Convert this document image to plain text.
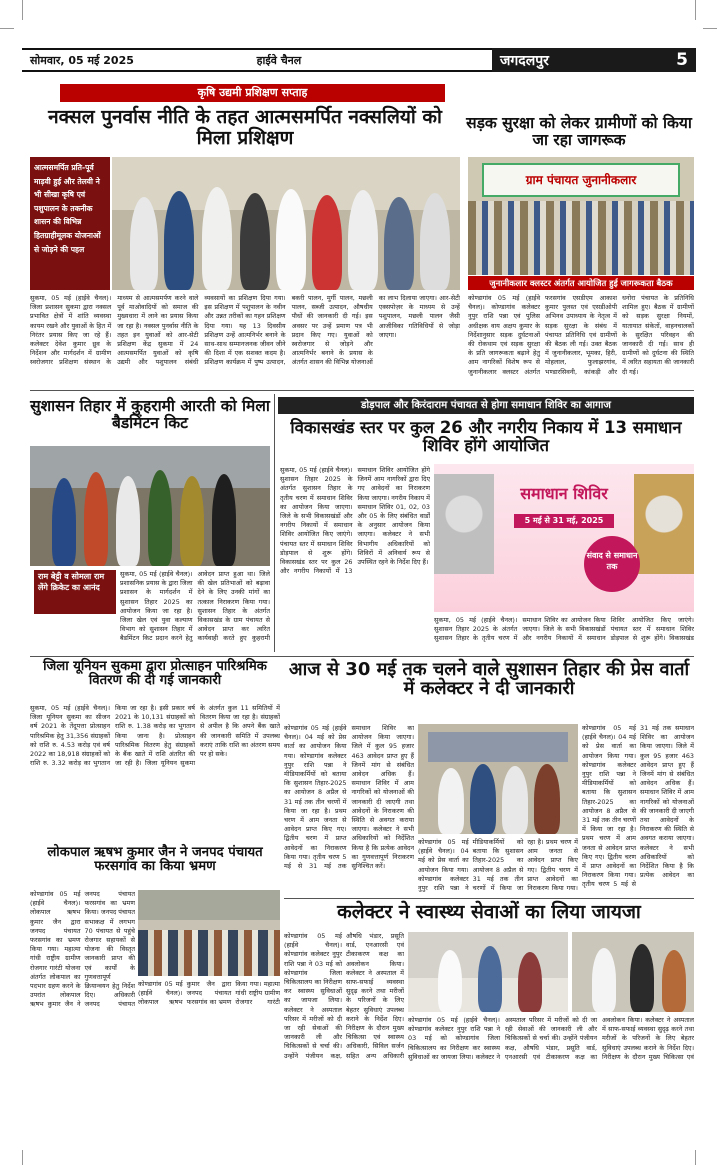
सोमवार, 05 मई 2025	हाईवे चैनल	जगदलपुर	5
कृषि उद्यमी प्रशिक्षण सप्ताह
नक्सल पुनर्वास नीति के तहत आत्मसमर्पित नक्सलियों को मिला प्रशिक्षण
आत्मसमर्पित प्रति-पूर्व माड़वी हुई और तेलवी ने भी सीखा कृषि एवं पशुपालन के तकनीक शासन की विभिन्न हितग्राहीमूलक योजनाओं से जोड़ने की पहल
सुकमा, 05 मई (हाईवे चैनल)। जिला प्रशासन सुकमा द्वारा नक्सल प्रभावित क्षेत्रों में शांति व्यवस्था कायम रखने और युवाओं के हित में निरंतर प्रयास किए जा रहे हैं। कलेक्टर देवेश कुमार ध्रुव के निर्देशन और मार्गदर्शन में ग्रामीण स्वरोजगार प्रशिक्षण संस्थान के माध्यम से आत्मसमर्पण करने वाले पूर्व माओवादियों को समाज की मुख्यधारा में लाने का प्रयास किया जा रहा है। नक्सल पुनर्वास नीति के तहत इन युवाओं को आर-सेटी प्रशिक्षण केंद्र सुकमा में 24 आत्मसमर्पित युवाओं को कृषि उद्यमी और पशुपालन संबंधी व्यवसायों का प्रशिक्षण दिया गया। इस प्रशिक्षण में पशुपालन के नवीन और उन्नत तरीकों का गहन प्रशिक्षण दिया गया। यह 13 दिवसीय प्रशिक्षण उन्हें आत्मनिर्भर बनाने के साथ-साथ सम्मानजनक जीवन जीने की दिशा में एक सशक्त कदम है। प्रशिक्षण कार्यक्रम में पुष्प उत्पादन, बकरी पालन, मुर्गी पालन, मछली पालन, सब्जी उत्पादन, औषधीय पौधों की जानकारी दी गई। इस अवसर पर उन्हें प्रमाण पत्र भी प्रदान किए गए। युवाओं को स्वरोजगार से जोड़ने और आत्मनिर्भर बनाने के प्रयास के अंतर्गत शासन की विभिन्न योजनाओं का लाभ दिलाया जाएगा। आर-सेटी एक्सपोज़र के माध्यम से उन्हें पशुपालन, मछली पालन जैसी आजीविका गतिविधियों से जोड़ा जाएगा।
सड़क सुरक्षा को लेकर ग्रामीणों को किया जा रहा जागरूक
ग्राम पंचायत जुनानीकलार
जुनानीकलार क्लस्टर अंतर्गत आयोजित हुई जागरूकता बैठक
कोण्डागांव 05 मई (हाईवे चैनल)। कोण्डागांव कलेक्टर नुपुर राशि पन्ना एवं पुलिस अधीक्षक वाय अक्षय कुमार के निर्देशानुसार सड़क दुर्घटनाओं की रोकथाम एवं सड़क सुरक्षा के प्रति जागरूकता बढ़ाने हेतु आम नागरिकों विशेष रूप से जुनानीकलार क्लस्टर अंतर्गत फरसगांव एसडीएम आकाश कुमार पुलस्त एवं एसडीओपी अभिनव उपाध्याय के नेतृत्व में सड़क सुरक्षा के संबंध में पंचायत प्रतिनिधि एवं ग्रामीणों की बैठक ली गई। उक्त बैठक में जुनानीकलार, भूमका, हिरी, मोहलाल, फुलाझरगांव, भण्डारसिवनी, कांकड़ी और धनोरा पंचायत के प्रतिनिधि शामिल हुए। बैठक में ग्रामीणों को सड़क सुरक्षा नियमों, यातायात संकेतों, वाहनचालकों के सुरक्षित परिवहन की जानकारी दी गई। साथ ही ग्रामीणों को दुर्घटना की स्थिति में त्वरित सहायता की जानकारी दी गई।
सुशासन तिहार में कुहरामी आरती को मिला बैडमिंटन किट
राम बेट्टी व सोमला राम लेंगे क्रिकेट का आनंद
सुकमा, 05 मई (हाईवे चैनल)। प्रशासनिक प्रयास के द्वारा जिला प्रशासन के मार्गदर्शन में सुशासन तिहार 2025 का आयोजन किया जा रहा है। जिला खेल एवं युवा कल्याण विभाग को सुशासन तिहार में बैडमिंटन किट प्रदान करने हेतु आवेदन प्राप्त हुआ था। जिले की खेल प्रतिभाओं को बढ़ावा देने के लिए उनकी मांगों का तत्काल निराकरण किया गया। सुशासन तिहार के अंतर्गत विकासखंड के ग्राम पंचायत से आवेदन प्राप्त कर त्वरित कार्यवाही करते हुए कुहरामी
डोड़पाल और किरंदाराम पंचायत से होगा समाधान शिविर का आगाज
विकासखंड स्तर पर कुल 26 और नगरीय निकाय में 13 समाधान शिविर होंगे आयोजित
सुकमा, 05 मई (हाईवे चैनल)। सुशासन तिहार 2025 के अंतर्गत सुशासन तिहार के तृतीय चरण में समाधान शिविर का आयोजन किया जाएगा। जिले के सभी विकासखंडों और नगरीय निकायों में समाधान शिविर आयोजित किए जाएंगे। पंचायत स्तर में समाधान शिविर डोड़पाल से शुरू होंगे। विकासखंड स्तर पर कुल 26 और नगरीय निकायों में 13 समाधान शिविर आयोजित होंगे जिनमें आम नागरिकों द्वारा दिए गए आवेदनों का निराकरण किया जाएगा। नगरीय निकाय में समाधान शिविर 01, 02, 03 और 05 के लिए संबंधित वार्डों के अनुसार आयोजन किया जाएगा। कलेक्टर ने सभी विभागीय अधिकारियों को शिविरों में अनिवार्य रूप से उपस्थित रहने के निर्देश दिए हैं।
समाधान शिविर
5 मई से 31 मई, 2025
संवाद से समाधान तक
सुकमा, 05 मई (हाईवे चैनल)। सुशासन तिहार 2025 के अंतर्गत सुशासन तिहार के तृतीय चरण में समाधान शिविर का आयोजन किया जाएगा। जिले के सभी विकासखंडों और नगरीय निकायों में समाधान शिविर आयोजित किए जाएंगे। पंचायत स्तर में समाधान शिविर डोड़पाल से शुरू होंगे। विकासखंड
जिला यूनियन सुकमा द्वारा प्रोत्साहन पारिश्रमिक वितरण की दी गई जानकारी
सुकमा, 05 मई (हाईवे चैनल)। जिला यूनियन सुकमा का सीजन वर्ष 2021 के तेंदूपत्ता प्रोत्साहन पारिश्रमिक हेतु 31,356 संग्राहकों को राशि रु. 4.53 करोड़ एवं वर्ष 2022 का 18,918 संग्राहकों को राशि रु. 3.32 करोड़ का भुगतान किया जा रहा है। इसी प्रकार वर्ष 2021 के 10,131 संग्राहकों को राशि रु. 1.38 करोड़ का भुगतान किया जाना है। प्रोत्साहन पारिश्रमिक वितरण हेतु संग्राहकों के बैंक खाते में राशि अंतरित की जा रही है। जिला यूनियन सुकमा के अंतर्गत कुल 11 समितियों में वितरण किया जा रहा है। संग्राहकों से अपील है कि अपने बैंक खाते की जानकारी समिति में उपलब्ध कराएं ताकि राशि का अंतरण समय पर हो सके।
आज से 30 मई तक चलने वाले सुशासन तिहार की प्रेस वार्ता में कलेक्टर ने दी जानकारी
कोण्डागांव 05 मई (हाईवे चैनल)। 04 मई को प्रेस वार्ता का आयोजन किया गया। कोण्डागांव कलेक्टर नुपुर राशि पन्ना ने मीडियाकर्मियों को बताया कि सुशासन तिहार-2025 का आयोजन 8 अप्रैल से 31 मई तक तीन चरणों में किया जा रहा है। प्रथम चरण में आम जनता से आवेदन प्राप्त किए गए। द्वितीय चरण में प्राप्त आवेदनों का निराकरण किया गया। तृतीय चरण 5 मई से 31 मई तक समाधान शिविर का आयोजन किया जाएगा। जिले में कुल 95 हजार 463 आवेदन प्राप्त हुए हैं जिनमें मांग से संबंधित आवेदन अधिक हैं। समाधान शिविर में आम नागरिकों को योजनाओं की जानकारी दी जाएगी तथा आवेदनों के निराकरण की स्थिति से अवगत कराया जाएगा। कलेक्टर ने सभी अधिकारियों को निर्देशित किया है कि प्रत्येक आवेदन का गुणवत्तापूर्ण निराकरण सुनिश्चित करें।
कोण्डागांव 05 मई (हाईवे चैनल)। 04 मई को प्रेस वार्ता का आयोजन किया गया। कोण्डागांव कलेक्टर नुपुर राशि पन्ना ने मीडियाकर्मियों को बताया कि सुशासन तिहार-2025 का आयोजन 8 अप्रैल से 31 मई तक तीन चरणों में किया जा रहा है। प्रथम चरण में आम जनता से आवेदन प्राप्त किए गए। द्वितीय चरण में प्राप्त आवेदनों का निराकरण किया गया। तृतीय चरण 5 मई से 31 मई तक समाधान शिविर का आयोजन किया जाएगा। जिले में कुल 95 हजार 463 आवेदन प्राप्त हुए हैं जिनमें मांग से संबंधित आवेदन अधिक हैं। समाधान शिविर में आम नागरिकों को योजनाओं की जानकारी दी जाएगी तथा आवेदनों के निराकरण की स्थिति से अवगत कराया जाएगा। कलेक्टर ने सभी अधिकारियों को निर्देशित किया है कि प्रत्येक आवेदन का
कोण्डागांव 05 मई (हाईवे चैनल)। 04 मई को प्रेस वार्ता का आयोजन किया गया। कोण्डागांव कलेक्टर नुपुर राशि पन्ना ने मीडियाकर्मियों को बताया कि सुशासन तिहार-2025 का आयोजन 8 अप्रैल से 31 मई तक तीन चरणों में किया जा रहा है। प्रथम चरण में आम जनता से आवेदन प्राप्त किए गए। द्वितीय चरण में प्राप्त आवेदनों का निराकरण किया गया।
लोकपाल ऋषभ कुमार जैन ने जनपद पंचायत फरसगांव का किया भ्रमण
कोण्डागांव 05 मई (हाईवे चैनल)। लोकपाल ऋषभ कुमार जैन द्वारा जनपद पंचायत फरसगांव का भ्रमण किया गया। महात्मा गांधी राष्ट्रीय ग्रामीण रोजगार गारंटी योजना अंतर्गत लोकपाल का पदभार ग्रहण करने के उपरांत लोकपाल ऋषभ कुमार जैन ने जनपद पंचायत फरसगांव का भ्रमण किया। जनपद पंचायत सभाकक्ष में लगभग 70 पंचायत से पहुंचे रोजगार सहायकों से योजना की विस्तृत जानकारी प्राप्त की एवं कार्यों के गुणवत्तापूर्ण क्रियान्वयन हेतु निर्देश दिए। अधिकारी जनपद पंचायत
कोण्डागांव 05 मई (हाईवे चैनल)। लोकपाल ऋषभ कुमार जैन द्वारा जनपद पंचायत फरसगांव का भ्रमण किया गया। महात्मा गांधी राष्ट्रीय ग्रामीण रोजगार गारंटी
कलेक्टर ने स्वास्थ्य सेवाओं का लिया जायजा
कोण्डागांव 05 मई (हाईवे चैनल)। कोण्डागांव कलेक्टर नुपुर राशि पन्ना ने 03 मई को कोण्डागांव जिला चिकित्सालय का निरीक्षण कर स्वास्थ्य सुविधाओं का जायजा लिया। कलेक्टर ने अस्पताल परिसर में मरीजों को दी जा रही सेवाओं की जानकारी ली और चिकित्सकों से चर्चा की। उन्होंने पंजीयन कक्ष, औषधि भंडार, प्रसूति वार्ड, एनआरसी एवं टीकाकरण कक्ष का अवलोकन किया। कलेक्टर ने अस्पताल में साफ-सफाई व्यवस्था सुदृढ़ करने तथा मरीजों के परिजनों के लिए बेहतर सुविधाएं उपलब्ध कराने के निर्देश दिए। निरीक्षण के दौरान मुख्य चिकित्सा एवं स्वास्थ्य अधिकारी, सिविल सर्जन सहित अन्य अधिकारी
कोण्डागांव 05 मई (हाईवे चैनल)। कोण्डागांव कलेक्टर नुपुर राशि पन्ना ने 03 मई को कोण्डागांव जिला चिकित्सालय का निरीक्षण कर स्वास्थ्य सुविधाओं का जायजा लिया। कलेक्टर ने अस्पताल परिसर में मरीजों को दी जा रही सेवाओं की जानकारी ली और चिकित्सकों से चर्चा की। उन्होंने पंजीयन कक्ष, औषधि भंडार, प्रसूति वार्ड, एनआरसी एवं टीकाकरण कक्ष का अवलोकन किया। कलेक्टर ने अस्पताल में साफ-सफाई व्यवस्था सुदृढ़ करने तथा मरीजों के परिजनों के लिए बेहतर सुविधाएं उपलब्ध कराने के निर्देश दिए। निरीक्षण के दौरान मुख्य चिकित्सा एवं
